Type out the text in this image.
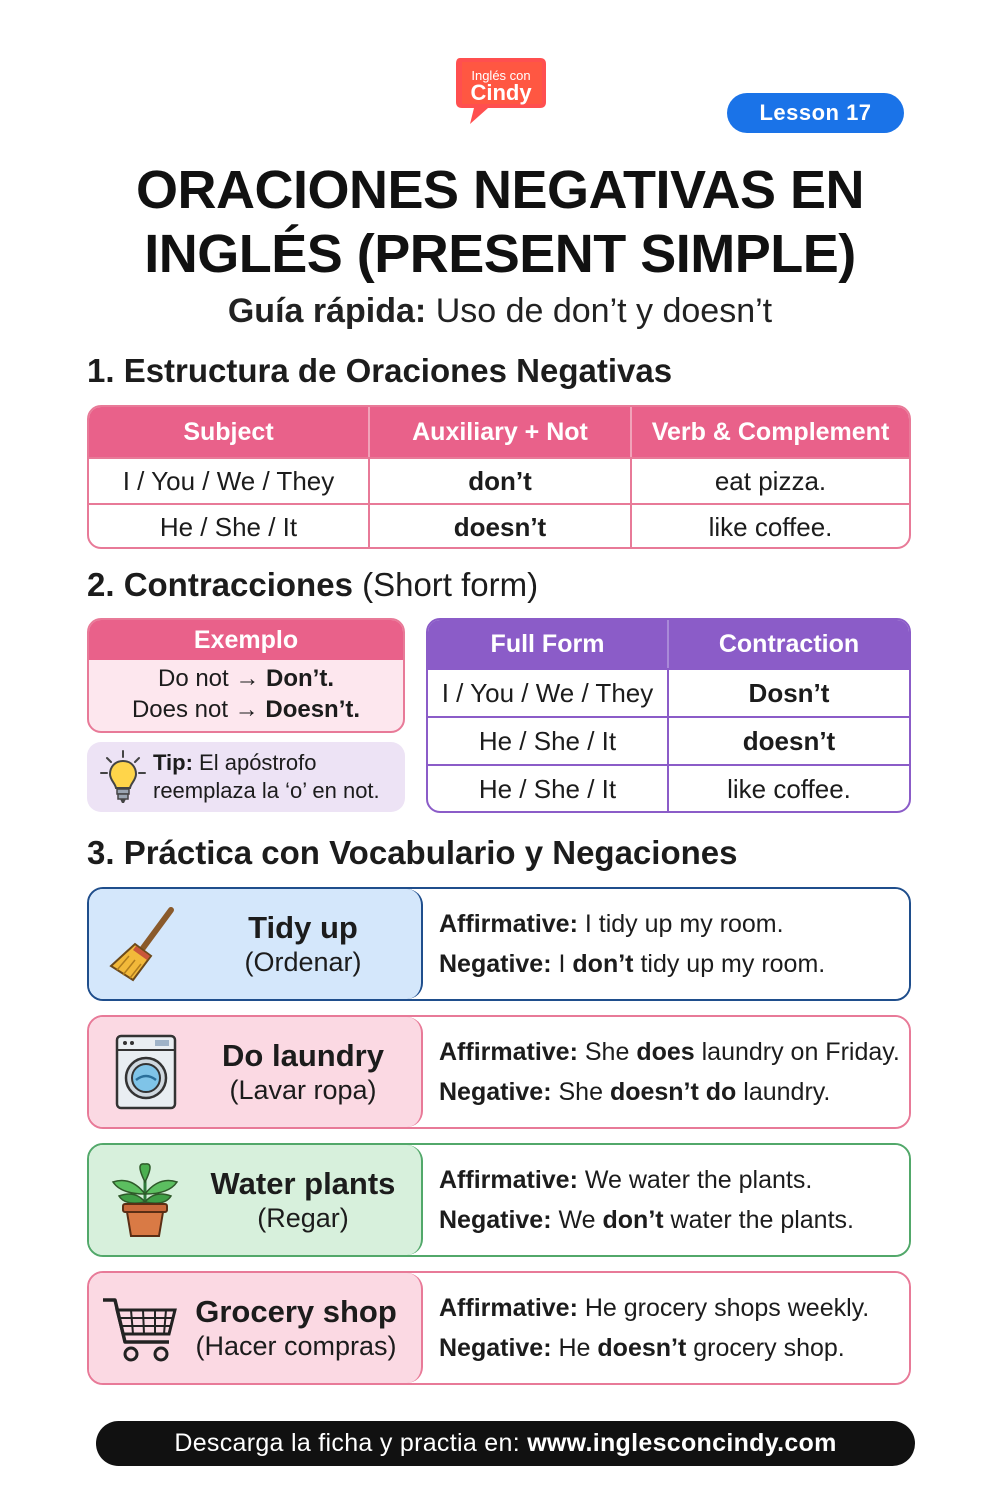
Inglés con
Cindy
Lesson 17
ORACIONES NEGATIVAS EN
INGLÉS (PRESENT SIMPLE)
Guía rápida: Uso de don’t y doesn’t
1. Estructura de Oraciones Negativas
Subject	Auxiliary + Not	Verb & Complement
I / You / We / They	don’t	eat pizza.
He / She / It	doesn’t	like coffee.
2. Contracciones (Short form)
Exemplo
Do not → Don’t.
Does not → Doesn’t.
Tip: El apóstrofo
reemplaza la ‘o’ en not.
Full Form	Contraction
I / You / We / They	Dosn’t
He / She / It	doesn’t
He / She / It	like coffee.
3. Práctica con Vocabulario y Negaciones
Tidy up
(Ordenar)
Affirmative: I tidy up my room.
Negative: I don’t tidy up my room.
Do laundry
(Lavar ropa)
Affirmative: She does laundry on Friday.
Negative: She doesn’t do laundry.
Water plants
(Regar)
Affirmative: We water the plants.
Negative: We don’t water the plants.
Grocery shop
(Hacer compras)
Affirmative: He grocery shops weekly.
Negative: He doesn’t grocery shop.
Descarga la ficha y practia en: www.inglesconcindy.com
